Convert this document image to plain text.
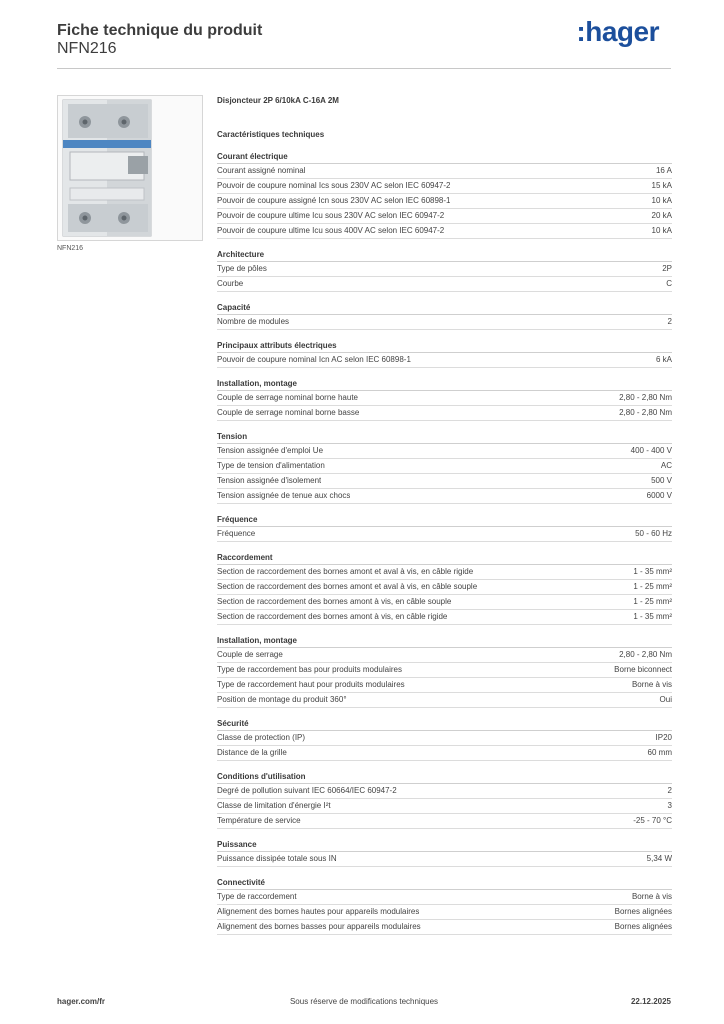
Fiche technique du produit
NFN216
:hager
NFN216
Disjoncteur 2P 6/10kA C-16A 2M
Caractéristiques techniques
Courant électrique
Courant assigné nominal	16 A
Pouvoir de coupure nominal Ics sous 230V AC selon IEC 60947-2	15 kA
Pouvoir de coupure assigné Icn sous 230V AC selon IEC 60898-1	10 kA
Pouvoir de coupure ultime Icu sous 230V AC selon IEC 60947-2	20 kA
Pouvoir de coupure ultime Icu sous 400V AC selon IEC 60947-2	10 kA
Architecture
Type de pôles	2P
Courbe	C
Capacité
Nombre de modules	2
Principaux attributs électriques
Pouvoir de coupure nominal Icn AC selon IEC 60898-1	6 kA
Installation, montage
Couple de serrage nominal borne haute	2,80 - 2,80 Nm
Couple de serrage nominal borne basse	2,80 - 2,80 Nm
Tension
Tension assignée d'emploi Ue	400 - 400 V
Type de tension d'alimentation	AC
Tension assignée d'isolement	500 V
Tension assignée de tenue aux chocs	6000 V
Fréquence
Fréquence	50 - 60 Hz
Raccordement
Section de raccordement des bornes amont et aval à vis, en câble rigide	1 - 35 mm²
Section de raccordement des bornes amont et aval à vis, en câble souple	1 - 25 mm²
Section de raccordement des bornes amont à vis, en câble souple	1 - 25 mm²
Section de raccordement des bornes amont à vis, en câble rigide	1 - 35 mm²
Installation, montage
Couple de serrage	2,80 - 2,80 Nm
Type de raccordement bas pour produits modulaires	Borne biconnect
Type de raccordement haut pour produits modulaires	Borne à vis
Position de montage du produit 360°	Oui
Sécurité
Classe de protection (IP)	IP20
Distance de la grille	60 mm
Conditions d'utilisation
Degré de pollution suivant IEC 60664/IEC 60947-2	2
Classe de limitation d'énergie I²t	3
Température de service	-25 - 70 °C
Puissance
Puissance dissipée totale sous IN	5,34 W
Connectivité
Type de raccordement	Borne à vis
Alignement des bornes hautes pour appareils modulaires	Bornes alignées
Alignement des bornes basses pour appareils modulaires	Bornes alignées
hager.com/fr	Sous réserve de modifications techniques	22.12.2025
